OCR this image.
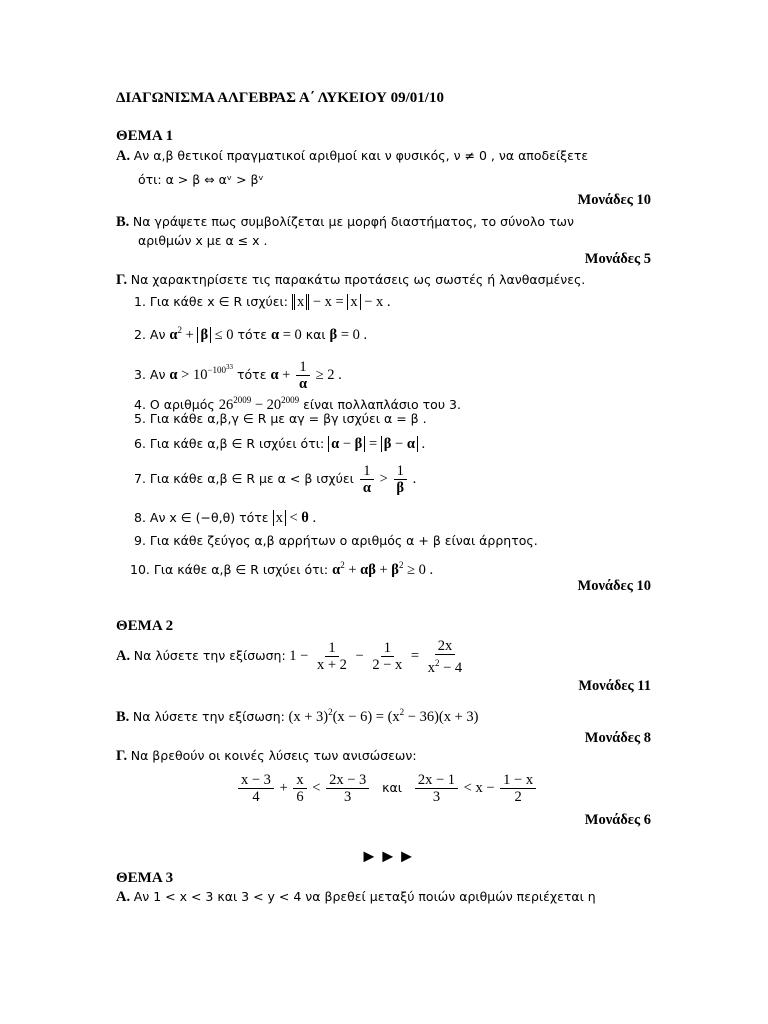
ΔΙΑΓΩΝΙΣΜΑ ΑΛΓΕΒΡΑΣ Α΄ ΛΥΚΕΙΟΥ 09/01/10
ΘΕΜΑ 1
Α. Αν α,β θετικοί πραγματικοί αριθμοί και ν φυσικός, ν ≠ 0 , να αποδείξετε
ότι: α > β ⇔ αᵛ > βᵛ
Μονάδες 10
Β. Να γράψετε πως συμβολίζεται με μορφή διαστήματος, το σύνολο των
αριθμών x με α ≤ x .
Μονάδες 5
Γ. Να χαρακτηρίσετε τις παρακάτω προτάσεις ως σωστές ή λανθασμένες.
1. Για κάθε x ∈ R ισχύει: x − x = x − x .
2. Αν $\alpha^2 + \beta \le 0$ τότε α = 0 και β = 0 .
3. Αν $\alpha > 10^{-100^{33}}$ τότε $\alpha + \frac{1}{\alpha} \ge 2$ .
4. Ο αριθμός $26^{2009} - 20^{2009}$ είναι πολλαπλάσιο του 3.
5. Για κάθε α,β,γ ∈ R με αγ = βγ ισχύει α = β .
6. Για κάθε α,β ∈ R ισχύει ότι: α − β = β − α .
7. Για κάθε α,β ∈ R με α < β ισχύει $\frac{1}{\alpha} > \frac{1}{\beta}$ .
8. Αν x ∈ (−θ,θ) τότε x < θ .
9. Για κάθε ζεύγος α,β αρρήτων ο αριθμός α + β είναι άρρητος.
10. Για κάθε α,β ∈ R ισχύει ότι: $\alpha^2 + \alpha\beta + \beta^2 \ge 0$ .
Μονάδες 10
ΘΕΜΑ 2
Α. Να λύσετε την εξίσωση: $1 - \frac{1}{x + 2} - \frac{1}{2 - x} = \frac{2x}{x^2 - 4}$
Μονάδες 11
Β. Να λύσετε την εξίσωση: $(x + 3)^2(x - 6) = (x^2 - 36)(x + 3)$
Μονάδες 8
Γ. Να βρεθούν οι κοινές λύσεις των ανισώσεων:
$\frac{x - 3}{4} + \frac{x}{6} < \frac{2x - 3}{3}$ και $\frac{2x - 1}{3} < x - \frac{1 - x}{2}$
Μονάδες 6
►►►
ΘΕΜΑ 3
Α. Αν 1 < x < 3 και 3 < y < 4 να βρεθεί μεταξύ ποιών αριθμών περιέχεται η
